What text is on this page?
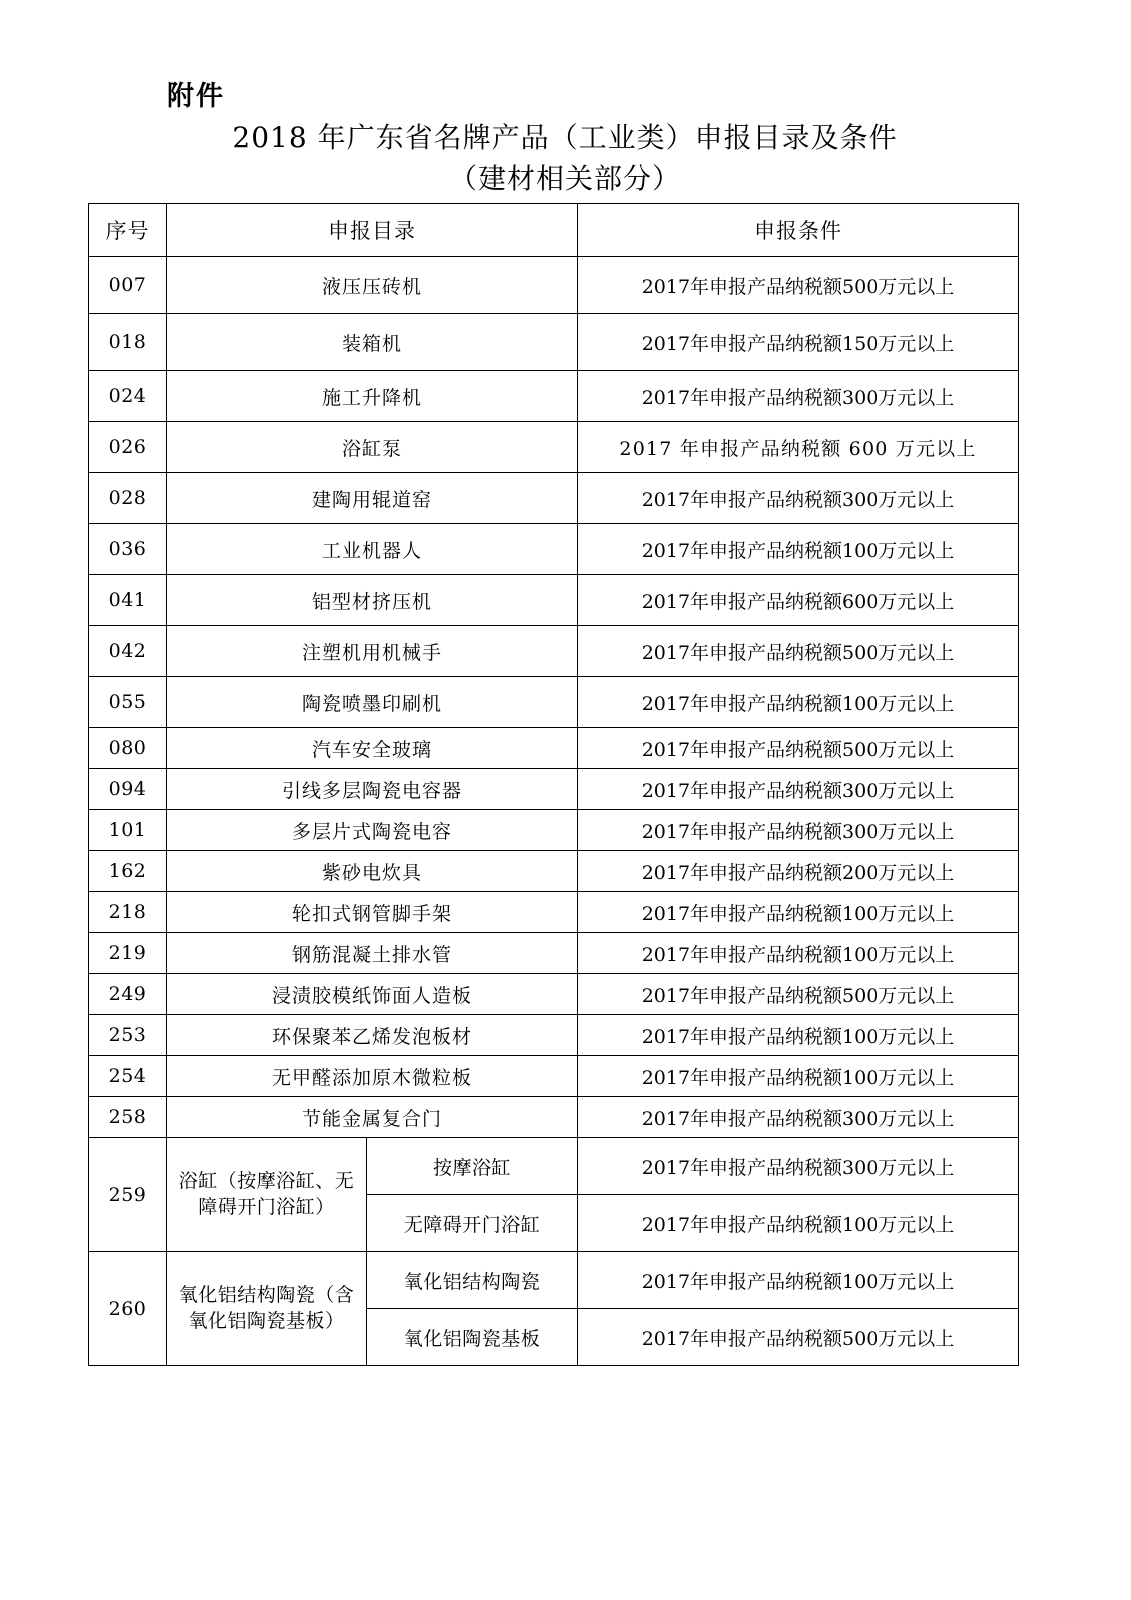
附件
2018 年广东省名牌产品（工业类）申报目录及条件
（建材相关部分）
序号	申报目录		申报条件
007	液压压砖机		2017年申报产品纳税额500万元以上
018	装箱机		2017年申报产品纳税额150万元以上
024	施工升降机		2017年申报产品纳税额300万元以上
026	浴缸泵		2017 年申报产品纳税额 600 万元以上
028	建陶用辊道窑		2017年申报产品纳税额300万元以上
036	工业机器人		2017年申报产品纳税额100万元以上
041	铝型材挤压机		2017年申报产品纳税额600万元以上
042	注塑机用机械手		2017年申报产品纳税额500万元以上
055	陶瓷喷墨印刷机		2017年申报产品纳税额100万元以上
080	汽车安全玻璃		2017年申报产品纳税额500万元以上
094	引线多层陶瓷电容器		2017年申报产品纳税额300万元以上
101	多层片式陶瓷电容		2017年申报产品纳税额300万元以上
162	紫砂电炊具		2017年申报产品纳税额200万元以上
218	轮扣式钢管脚手架		2017年申报产品纳税额100万元以上
219	钢筋混凝土排水管		2017年申报产品纳税额100万元以上
249	浸渍胶模纸饰面人造板		2017年申报产品纳税额500万元以上
253	环保聚苯乙烯发泡板材		2017年申报产品纳税额100万元以上
254	无甲醛添加原木微粒板		2017年申报产品纳税额100万元以上
258	节能金属复合门		2017年申报产品纳税额300万元以上
259	浴缸（按摩浴缸、无障碍开门浴缸）	按摩浴缸	2017年申报产品纳税额300万元以上
		无障碍开门浴缸	2017年申报产品纳税额100万元以上
260	氧化铝结构陶瓷（含氧化铝陶瓷基板）	氧化铝结构陶瓷	2017年申报产品纳税额100万元以上
		氧化铝陶瓷基板	2017年申报产品纳税额500万元以上
